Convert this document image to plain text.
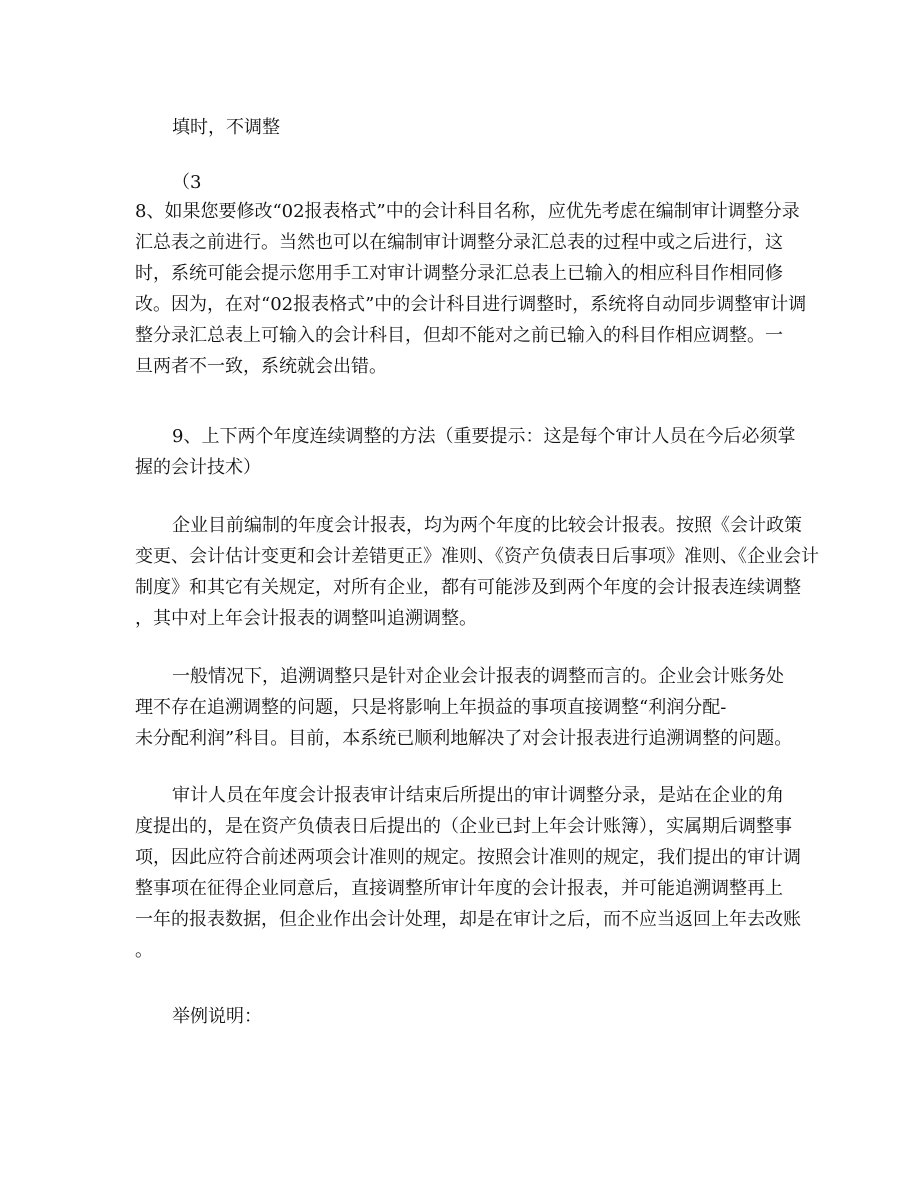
填时，不调整
（3

8、如果您要修改“02报表格式”中的会计科目名称，应优先考虑在编制审计调整分录
汇总表之前进行。当然也可以在编制审计调整分录汇总表的过程中或之后进行，这
时，系统可能会提示您用手工对审计调整分录汇总表上已输入的相应科目作相同修
改。因为，在对“02报表格式”中的会计科目进行调整时，系统将自动同步调整审计调
整分录汇总表上可输入的会计科目，但却不能对之前已输入的科目作相应调整。一
旦两者不一致，系统就会出错。

9、上下两个年度连续调整的方法（重要提示：这是每个审计人员在今后必须掌
握的会计技术）

企业目前编制的年度会计报表，均为两个年度的比较会计报表。按照《会计政策
变更、会计估计变更和会计差错更正》准则、《资产负债表日后事项》准则、《企业会计
制度》和其它有关规定，对所有企业，都有可能涉及到两个年度的会计报表连续调整
，其中对上年会计报表的调整叫追溯调整。

一般情况下，追溯调整只是针对企业会计报表的调整而言的。企业会计账务处
理不存在追溯调整的问题，只是将影响上年损益的事项直接调整“利润分配-
未分配利润”科目。目前，本系统已顺利地解决了对会计报表进行追溯调整的问题。

审计人员在年度会计报表审计结束后所提出的审计调整分录，是站在企业的角
度提出的，是在资产负债表日后提出的（企业已封上年会计账簿），实属期后调整事
项，因此应符合前述两项会计准则的规定。按照会计准则的规定，我们提出的审计调
整事项在征得企业同意后，直接调整所审计年度的会计报表，并可能追溯调整再上
一年的报表数据，但企业作出会计处理，却是在审计之后，而不应当返回上年去改账
。

举例说明：
